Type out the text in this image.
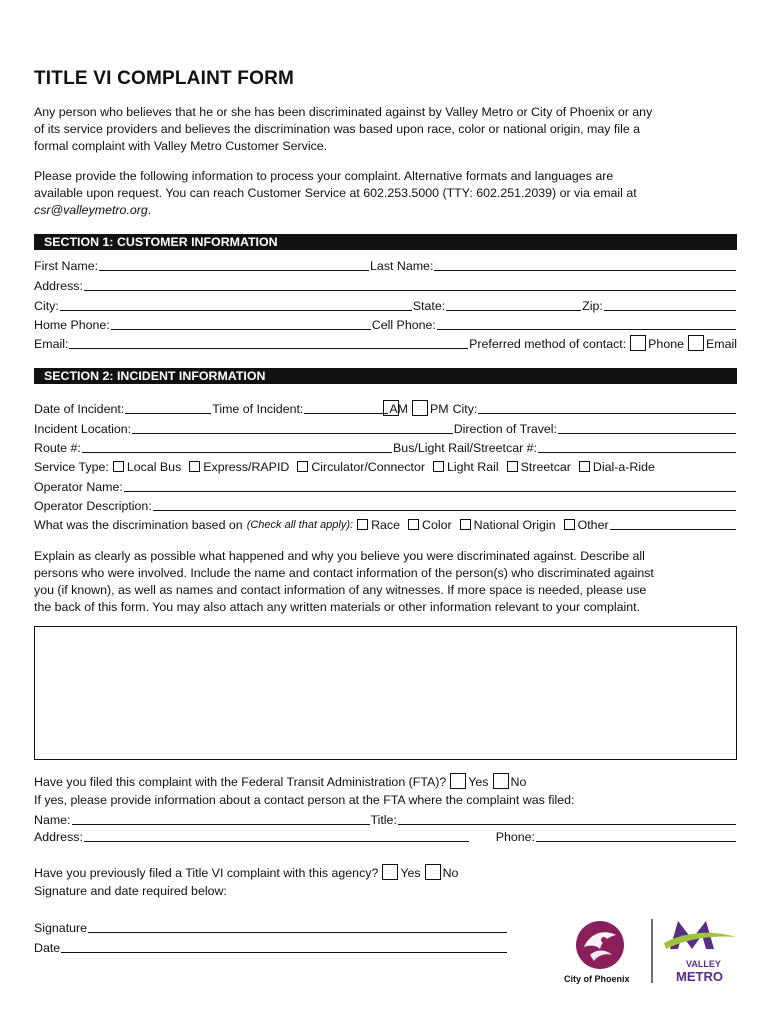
TITLE VI COMPLAINT FORM
Any person who believes that he or she has been discriminated against by Valley Metro or City of Phoenix or any
of its service providers and believes the discrimination was based upon race, color or national origin, may file a
formal complaint with Valley Metro Customer Service.
Please provide the following information to process your complaint. Alternative formats and languages are
available upon request. You can reach Customer Service at 602.253.5000 (TTY: 602.251.2039) or via email at
csr@valleymetro.org.
SECTION 1: CUSTOMER INFORMATION
First Name:	Last Name:
Address:
City:	State:	Zip:
Home Phone:	Cell Phone:
Email:	Preferred method of contact: Phone Email
SECTION 2: INCIDENT INFORMATION
Date of Incident:	Time of Incident:	AM PM City:
Incident Location:	Direction of Travel:
Route #:	Bus/Light Rail/Streetcar #:
Service Type: Local Bus Express/RAPID Circulator/Connector Light Rail Streetcar Dial-a-Ride
Operator Name:
Operator Description:
What was the discrimination based on (Check all that apply): Race Color National Origin Other
Explain as clearly as possible what happened and why you believe you were discriminated against. Describe all
persons who were involved. Include the name and contact information of the person(s) who discriminated against
you (if known), as well as names and contact information of any witnesses. If more space is needed, please use
the back of this form. You may also attach any written materials or other information relevant to your complaint.
Have you filed this complaint with the Federal Transit Administration (FTA)? Yes No
If yes, please provide information about a contact person at the FTA where the complaint was filed:
Name:	Title:
Address:	Phone:
Have you previously filed a Title VI complaint with this agency? Yes No
Signature and date required below:
Signature
Date
City of Phoenix
VALLEY
METRO
